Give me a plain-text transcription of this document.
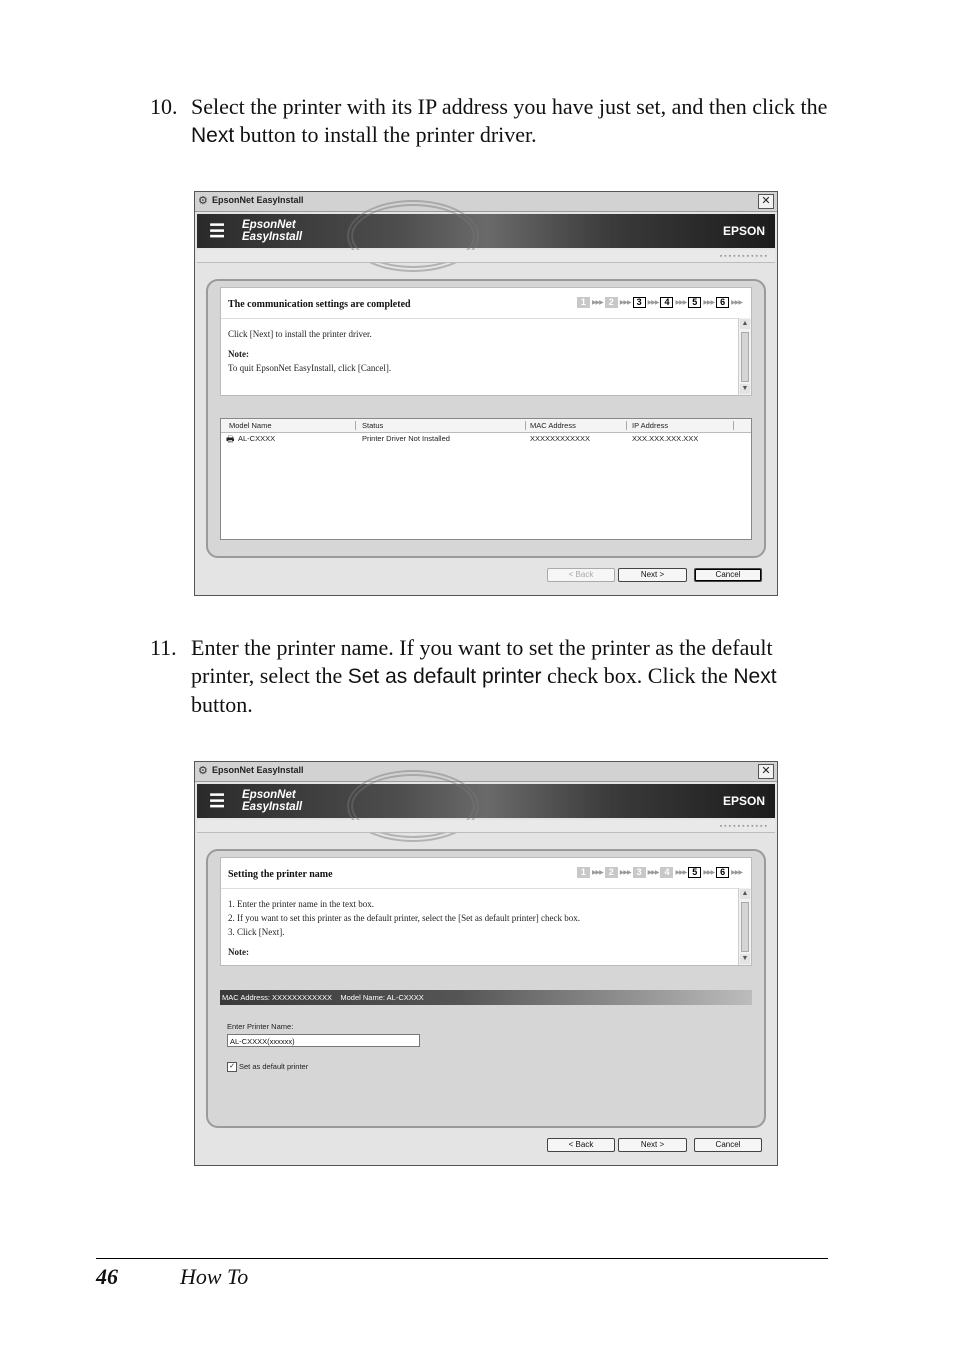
10. Select the printer with its IP address you have just set, and then click the Next button to install the printer driver.
⚙ EpsonNet EasyInstall	✕
☰ EpsonNet
EasyInstall	EPSON
▪▪▪▪▪▪▪▪▪▪▪
The communication settings are completed	1	▶▶▶ 2	▶▶▶ 3	▶▶▶ 4	▶▶▶ 5	▶▶▶ 6	▶▶▶
Click [Next] to install the printer driver.
Note:
To quit EpsonNet EasyInstall, click [Cancel].
▲
▼
Model Name	Status	MAC Address	IP Address
🖶 AL-CXXXX	Printer Driver Not Installed	XXXXXXXXXXXX	XXX.XXX.XXX.XXX
< Back	Next >	Cancel
11. Enter the printer name. If you want to set the printer as the default printer, select the Set as default printer check box. Click the Next button.
⚙ EpsonNet EasyInstall	✕
☰ EpsonNet
EasyInstall	EPSON
▪▪▪▪▪▪▪▪▪▪▪
Setting the printer name	1	▶▶▶ 2	▶▶▶ 3	▶▶▶ 4	▶▶▶ 5	▶▶▶ 6	▶▶▶
1. Enter the printer name in the text box.
2. If you want to set this printer as the default printer, select the [Set as default printer] check box.
3. Click [Next].
Note:
▲
▼
MAC Address: XXXXXXXXXXXX    Model Name: AL-CXXXX
Enter Printer Name:
AL-CXXXX(xxxxxx)
✓ Set as default printer
< Back	Next >	Cancel
46	How To
